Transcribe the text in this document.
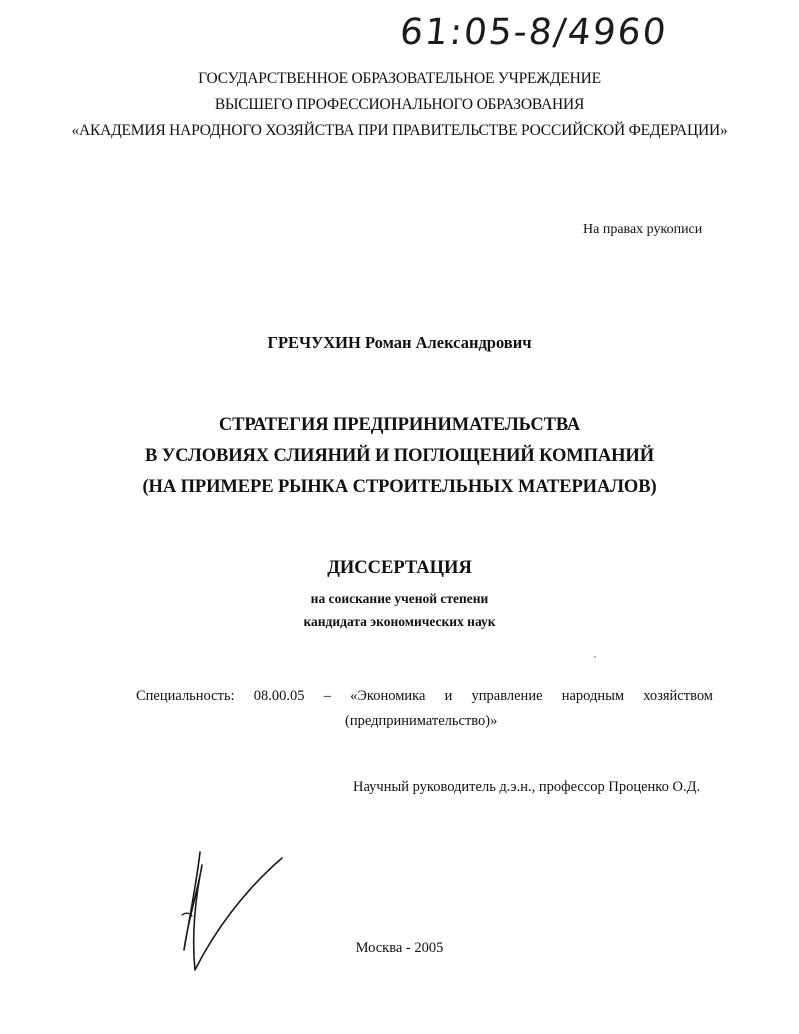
61:05-8/4960
ГОСУДАРСТВЕННОЕ ОБРАЗОВАТЕЛЬНОЕ УЧРЕЖДЕНИЕ
ВЫСШЕГО ПРОФЕССИОНАЛЬНОГО ОБРАЗОВАНИЯ
«АКАДЕМИЯ НАРОДНОГО ХОЗЯЙСТВА ПРИ ПРАВИТЕЛЬСТВЕ РОССИЙСКОЙ ФЕДЕРАЦИИ»
На правах рукописи
ГРЕЧУХИН Роман Александрович
СТРАТЕГИЯ ПРЕДПРИНИМАТЕЛЬСТВА
В УСЛОВИЯХ СЛИЯНИЙ И ПОГЛОЩЕНИЙ КОМПАНИЙ
(НА ПРИМЕРЕ РЫНКА СТРОИТЕЛЬНЫХ МАТЕРИАЛОВ)
ДИССЕРТАЦИЯ
на соискание ученой степени
кандидата экономических наук
Специальность: 08.00.05 – «Экономика и управление народным хозяйством
(предпринимательство)»
Научный руководитель д.э.н., профессор Проценко О.Д.
Москва - 2005
